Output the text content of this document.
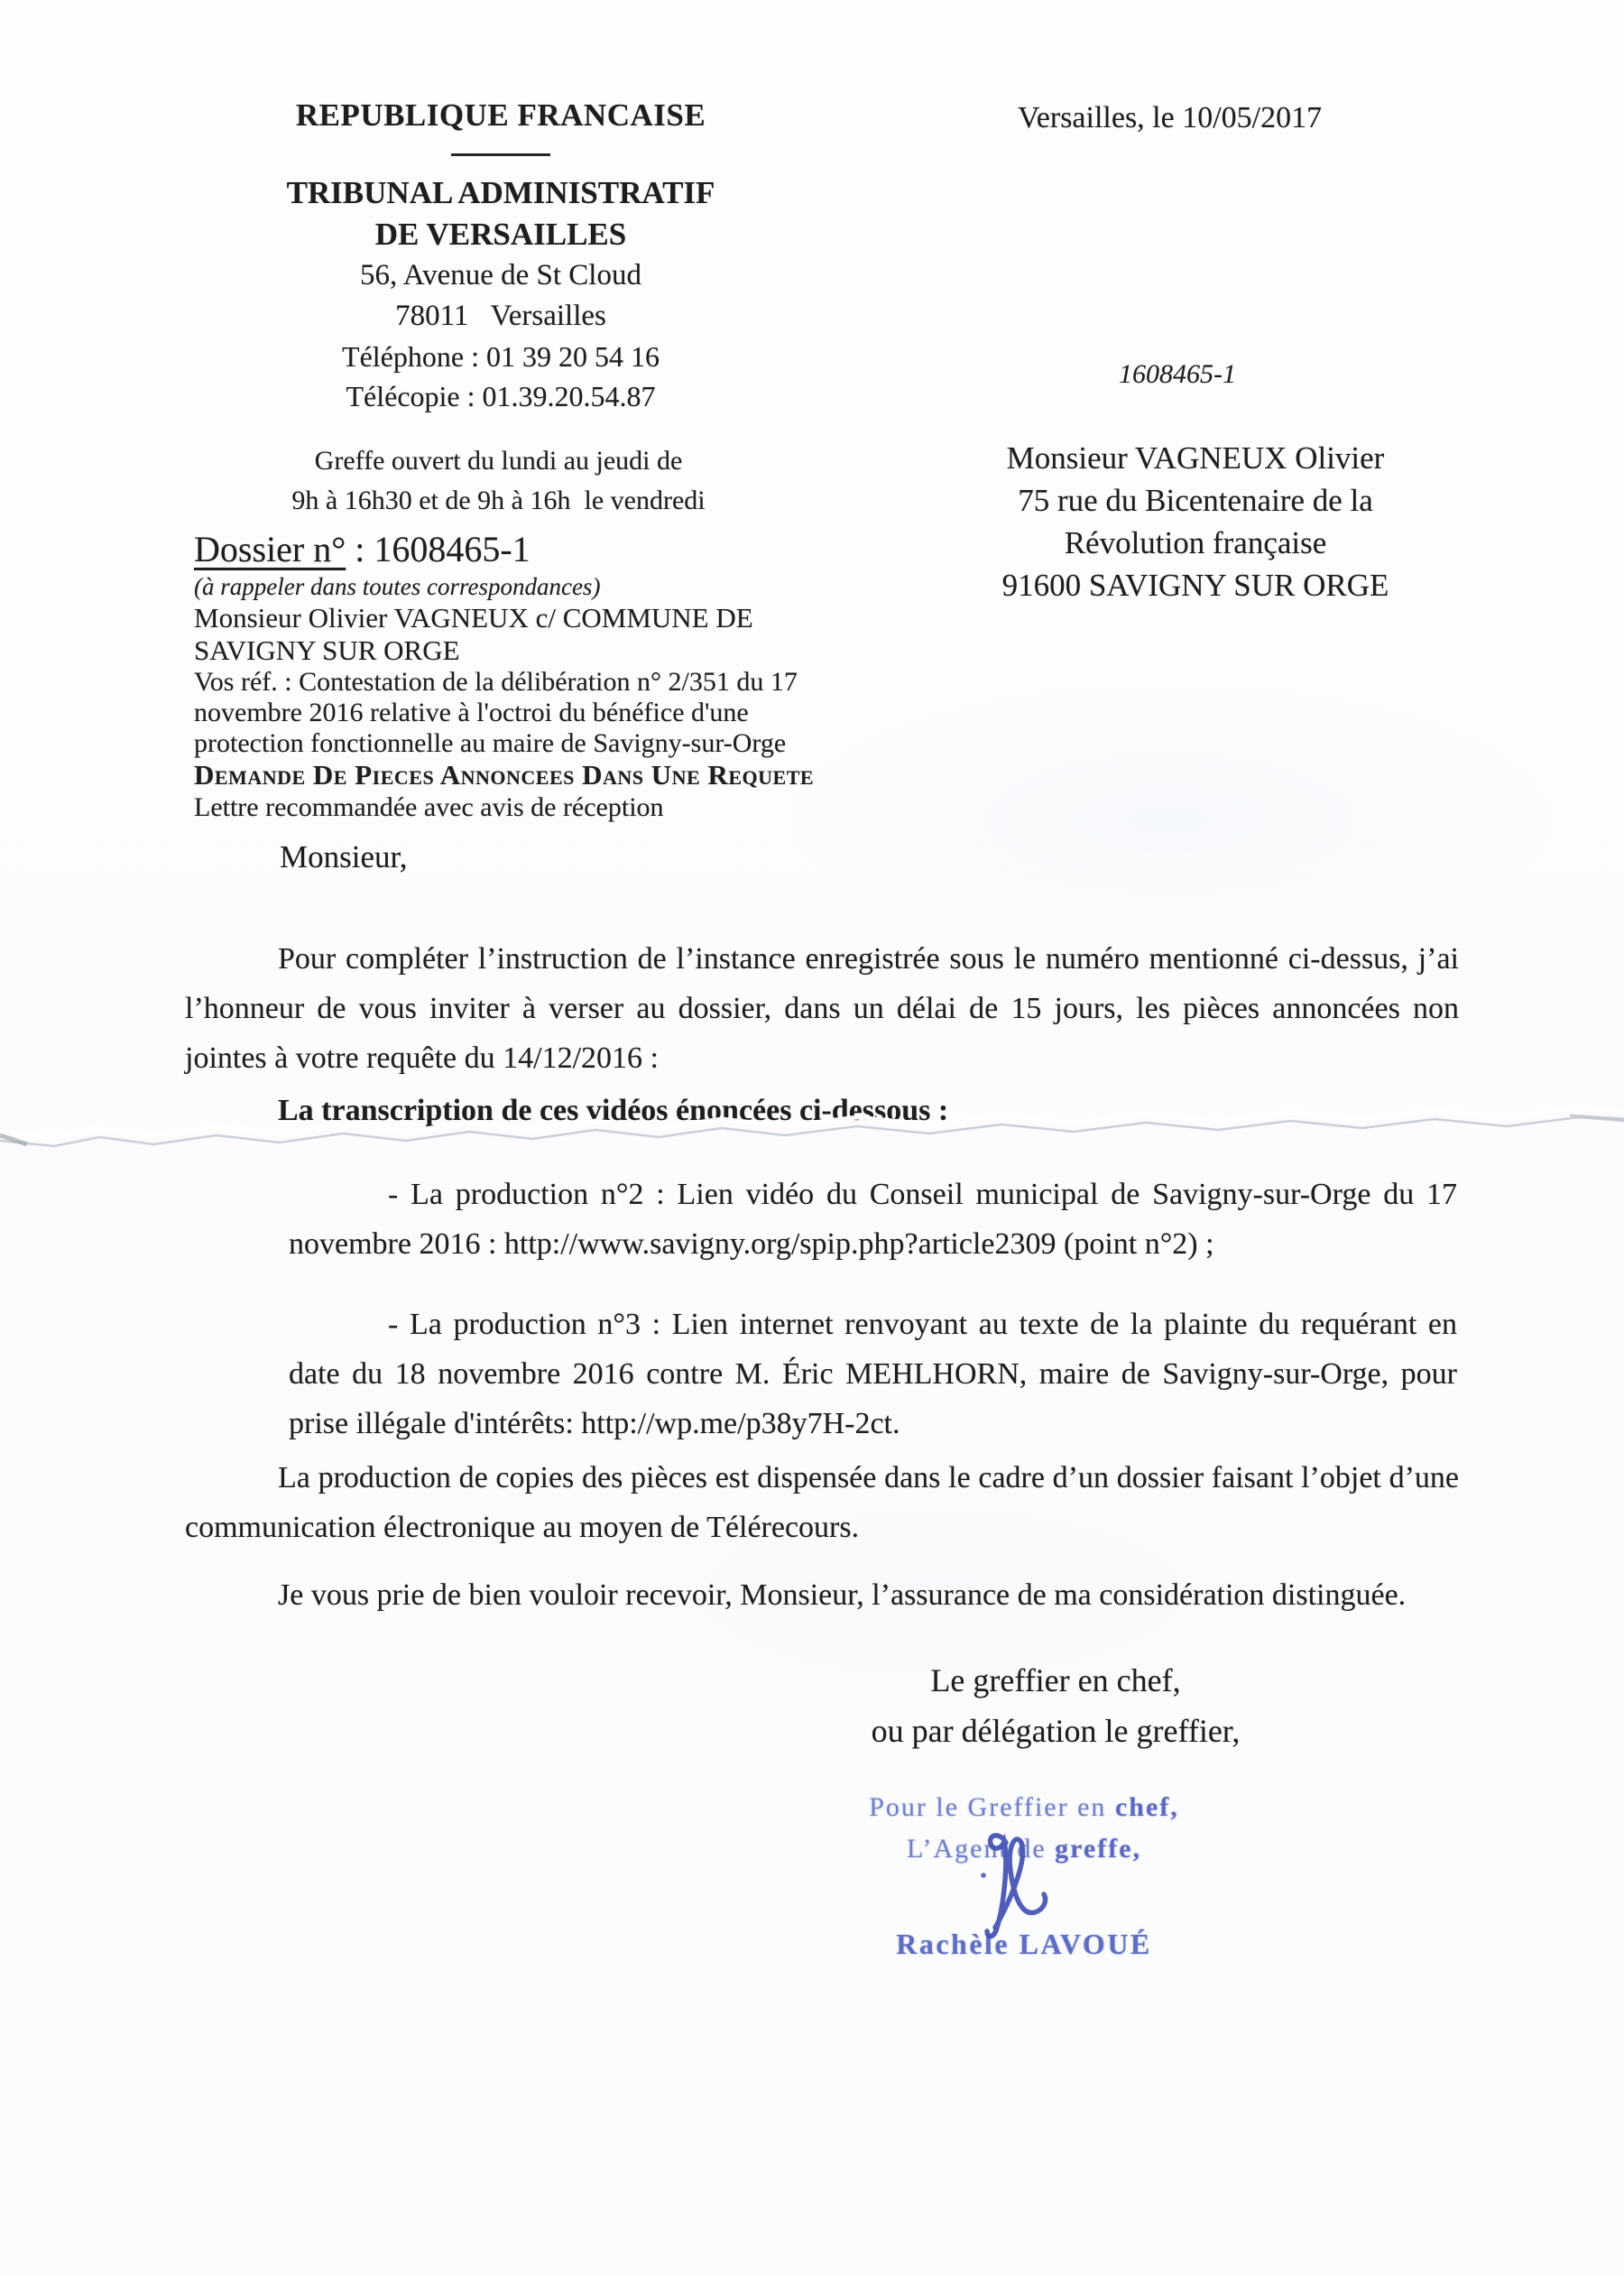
REPUBLIQUE FRANCAISE
TRIBUNAL ADMINISTRATIF
DE VERSAILLES
56, Avenue de St Cloud
78011   Versailles
Téléphone : 01 39 20 54 16
Télécopie : 01.39.20.54.87
Versailles, le 10/05/2017
1608465-1
Monsieur VAGNEUX Olivier
75 rue du Bicentenaire de la
Révolution française
91600 SAVIGNY SUR ORGE
Greffe ouvert du lundi au jeudi de
9h à 16h30 et de 9h à 16h  le vendredi
Dossier n° : 1608465-1
(à rappeler dans toutes correspondances)
Monsieur Olivier VAGNEUX c/ COMMUNE DE
SAVIGNY SUR ORGE
Vos réf. : Contestation de la délibération n° 2/351 du 17
novembre 2016 relative à l'octroi du bénéfice d'une
protection fonctionnelle au maire de Savigny-sur-Orge
Demande De Pieces Annoncees Dans Une Requete
Lettre recommandée avec avis de réception
Monsieur,
Pour compléter l’instruction de l’instance enregistrée sous le numéro mentionné ci-dessus, j’ai l’honneur de vous inviter à verser au dossier, dans un délai de 15 jours, les pièces annoncées non jointes à votre requête du 14/12/2016 :
La transcription de ces vidéos énoncées ci-dessous :
- La production n°2 : Lien vidéo du Conseil municipal de Savigny-sur-Orge du 17 novembre 2016 : http://www.savigny.org/spip.php?article2309 (point n°2) ;
- La production n°3 : Lien internet renvoyant au texte de la plainte du requérant en date du 18 novembre 2016 contre M. Éric MEHLHORN, maire de Savigny-sur-Orge, pour prise illégale d'intérêts: http://wp.me/p38y7H-2ct.
La production de copies des pièces est dispensée dans le cadre d’un dossier faisant l’objet d’une communication électronique au moyen de Télérecours.
Je vous prie de bien vouloir recevoir, Monsieur, l’assurance de ma considération distinguée.
Le greffier en chef,
ou par délégation le greffier,
Pour le Greffier en chef,
L’Agent de greffe,
Rachèle LAVOUÉ
